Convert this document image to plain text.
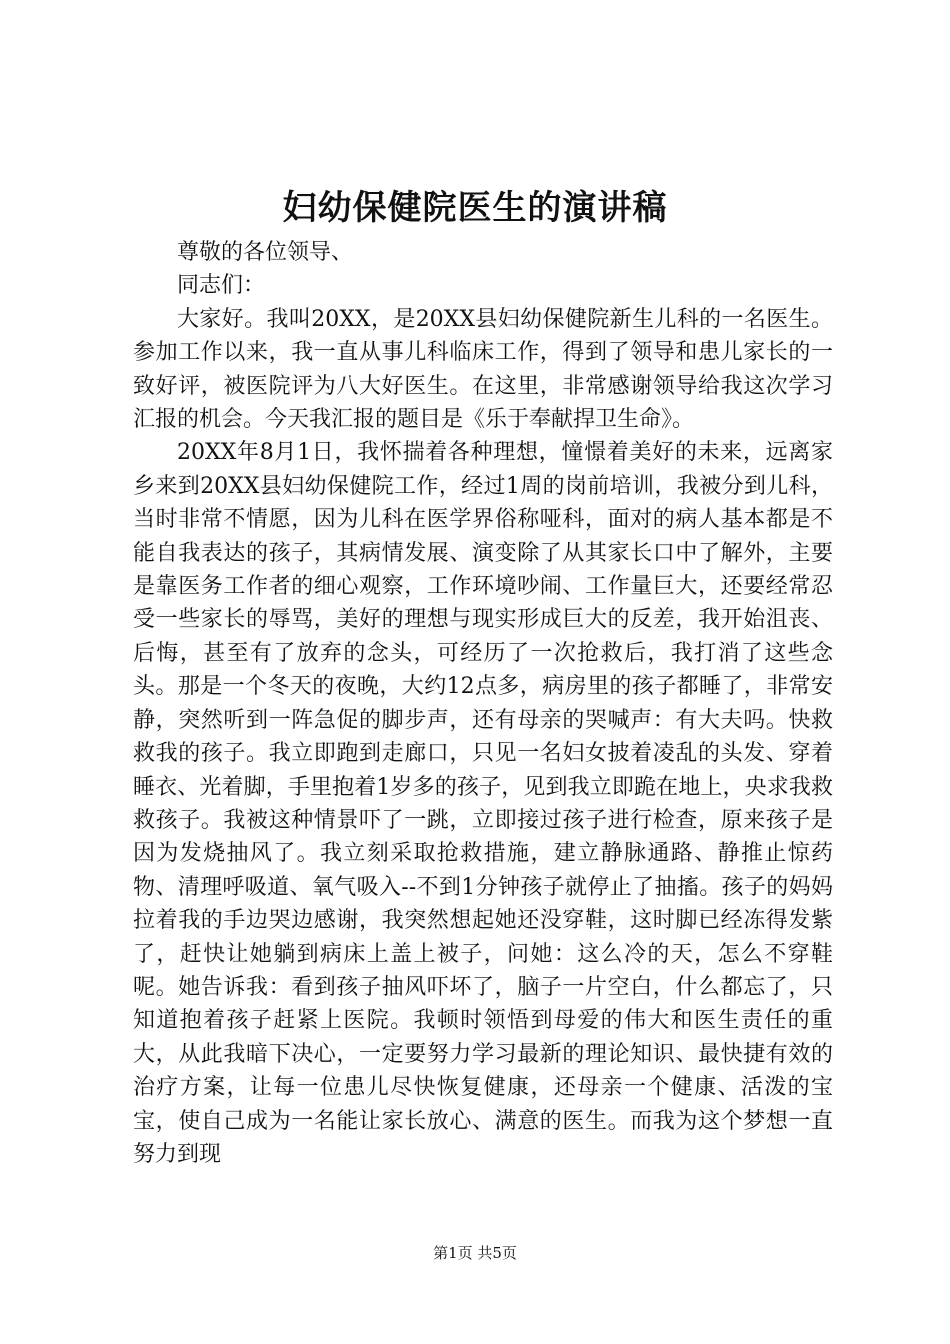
妇幼保健院医生的演讲稿

尊敬的各位领导、

同志们：

大家好。我叫20XX，是20XX县妇幼保健院新生儿科的一名医生。参加工作以来，我一直从事儿科临床工作，得到了领导和患儿家长的一致好评，被医院评为八大好医生。在这里，非常感谢领导给我这次学习汇报的机会。今天我汇报的题目是《乐于奉献捍卫生命》。

20XX年8月1日，我怀揣着各种理想，憧憬着美好的未来，远离家乡来到20XX县妇幼保健院工作，经过1周的岗前培训，我被分到儿科，当时非常不情愿，因为儿科在医学界俗称哑科，面对的病人基本都是不能自我表达的孩子，其病情发展、演变除了从其家长口中了解外，主要是靠医务工作者的细心观察，工作环境吵闹、工作量巨大，还要经常忍受一些家长的辱骂，美好的理想与现实形成巨大的反差，我开始沮丧、后悔，甚至有了放弃的念头，可经历了一次抢救后，我打消了这些念头。那是一个冬天的夜晚，大约12点多，病房里的孩子都睡了，非常安静，突然听到一阵急促的脚步声，还有母亲的哭喊声：有大夫吗。快救救我的孩子。我立即跑到走廊口，只见一名妇女披着凌乱的头发、穿着睡衣、光着脚，手里抱着1岁多的孩子，见到我立即跪在地上，央求我救救孩子。我被这种情景吓了一跳，立即接过孩子进行检查，原来孩子是因为发烧抽风了。我立刻采取抢救措施，建立静脉通路、静推止惊药物、清理呼吸道、氧气吸入--不到1分钟孩子就停止了抽搐。孩子的妈妈拉着我的手边哭边感谢，我突然想起她还没穿鞋，这时脚已经冻得发紫了，赶快让她躺到病床上盖上被子，问她：这么冷的天，怎么不穿鞋呢。她告诉我：看到孩子抽风吓坏了，脑子一片空白，什么都忘了，只知道抱着孩子赶紧上医院。我顿时领悟到母爱的伟大和医生责任的重大，从此我暗下决心，一定要努力学习最新的理论知识、最快捷有效的治疗方案，让每一位患儿尽快恢复健康，还母亲一个健康、活泼的宝宝，使自己成为一名能让家长放心、满意的医生。而我为这个梦想一直努力到现

第1页 共5页
